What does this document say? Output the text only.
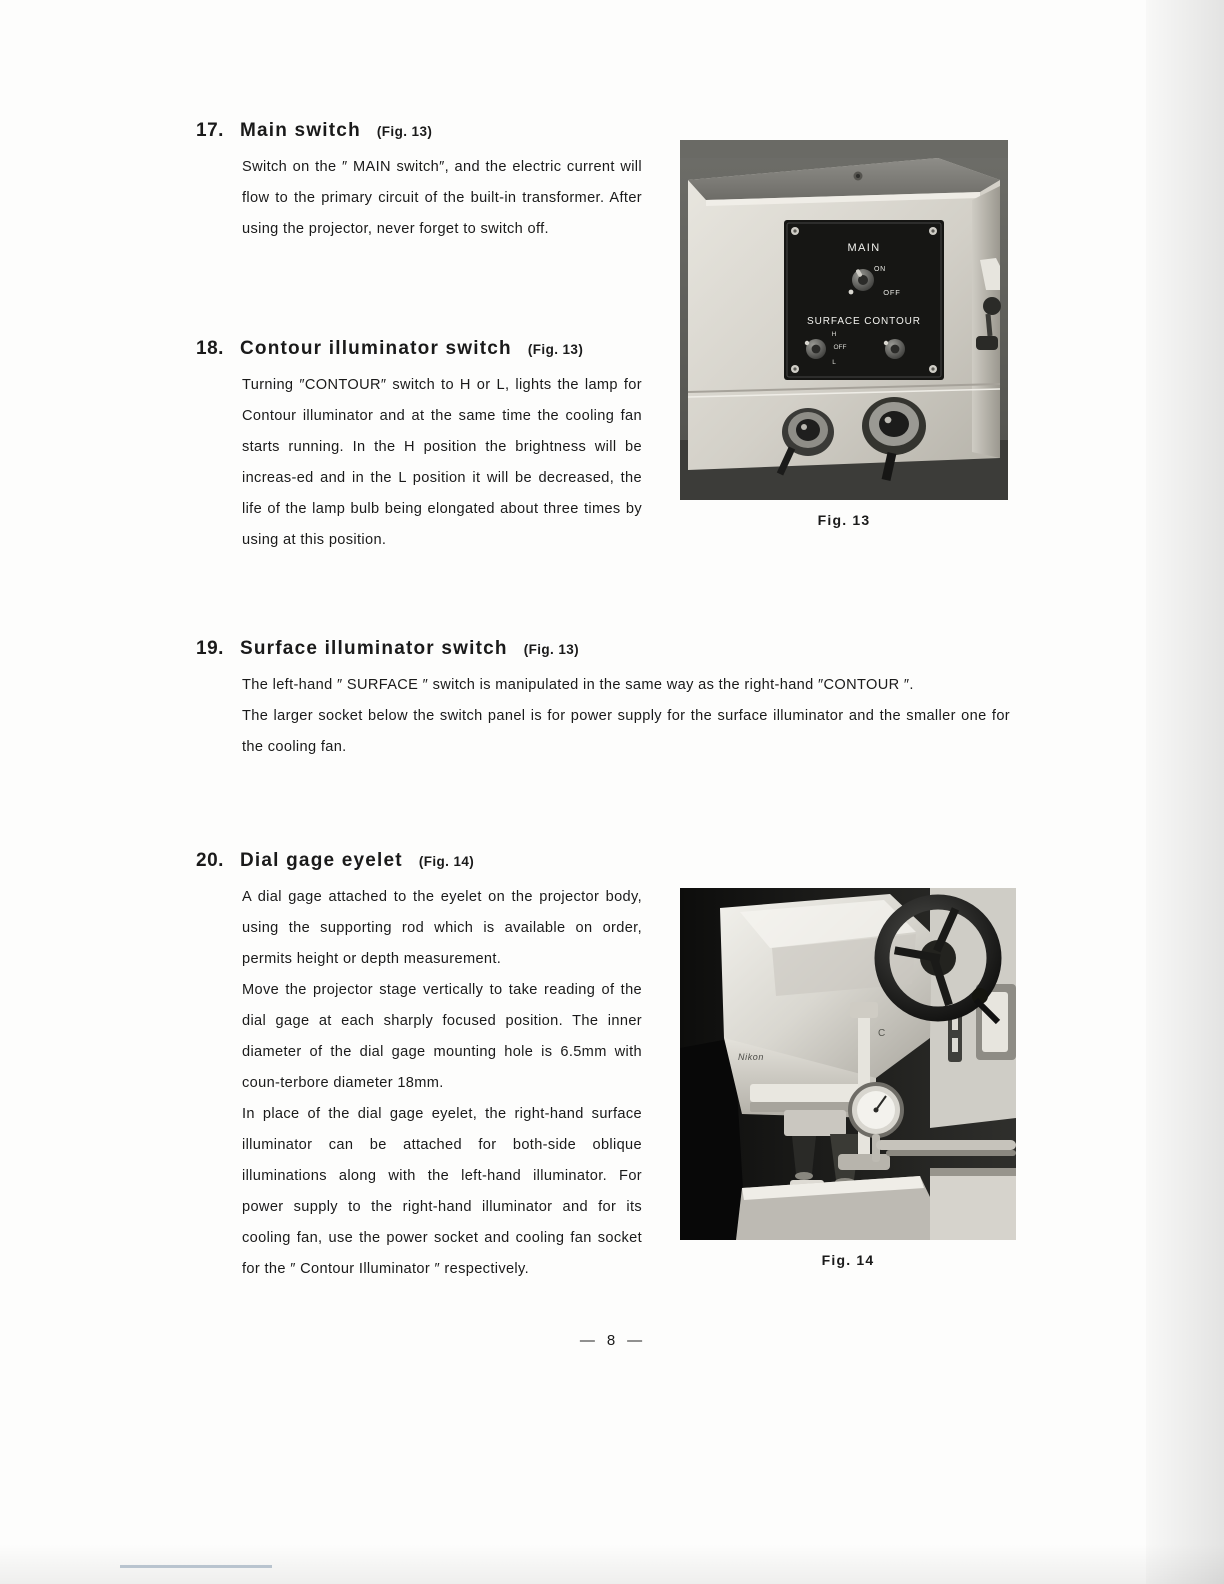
17. Main switch (Fig. 13)

Switch on the ″ MAIN switch″, and the electric current will flow to the primary circuit of the built-in transformer. After using the projector, never forget to switch off.

18. Contour illuminator switch (Fig. 13)

Turning ″CONTOUR″ switch to H or L, lights the lamp for Contour illuminator and at the same time the cooling fan starts running. In the H position the brightness will be increas-ed and in the L position it will be decreased, the life of the lamp bulb being elongated about three times by using at this position.

19. Surface illuminator switch (Fig. 13)

The left-hand ″ SURFACE ″ switch is manipulated in the same way as the right-hand ″CONTOUR ″.

The larger socket below the switch panel is for power supply for the surface illuminator and the smaller one for the cooling fan.

20. Dial gage eyelet (Fig. 14)

A dial gage attached to the eyelet on the projector body, using the supporting rod which is available on order, permits height or depth measurement.

Move the projector stage vertically to take reading of the dial gage at each sharply focused position. The inner diameter of the dial gage mounting hole is 6.5mm with coun-terbore diameter 18mm.

In place of the dial gage eyelet, the right-hand surface illuminator can be attached for both-side oblique illuminations along with the left-hand illuminator. For power supply to the right-hand illuminator and for its cooling fan, use the power socket and cooling fan socket for the ″ Contour Illuminator ″ respectively.

MAIN
ON
OFF
SURFACE CONTOUR
H
OFF
L
Fig. 13
Nikon
C
Fig. 14
— 8 —
